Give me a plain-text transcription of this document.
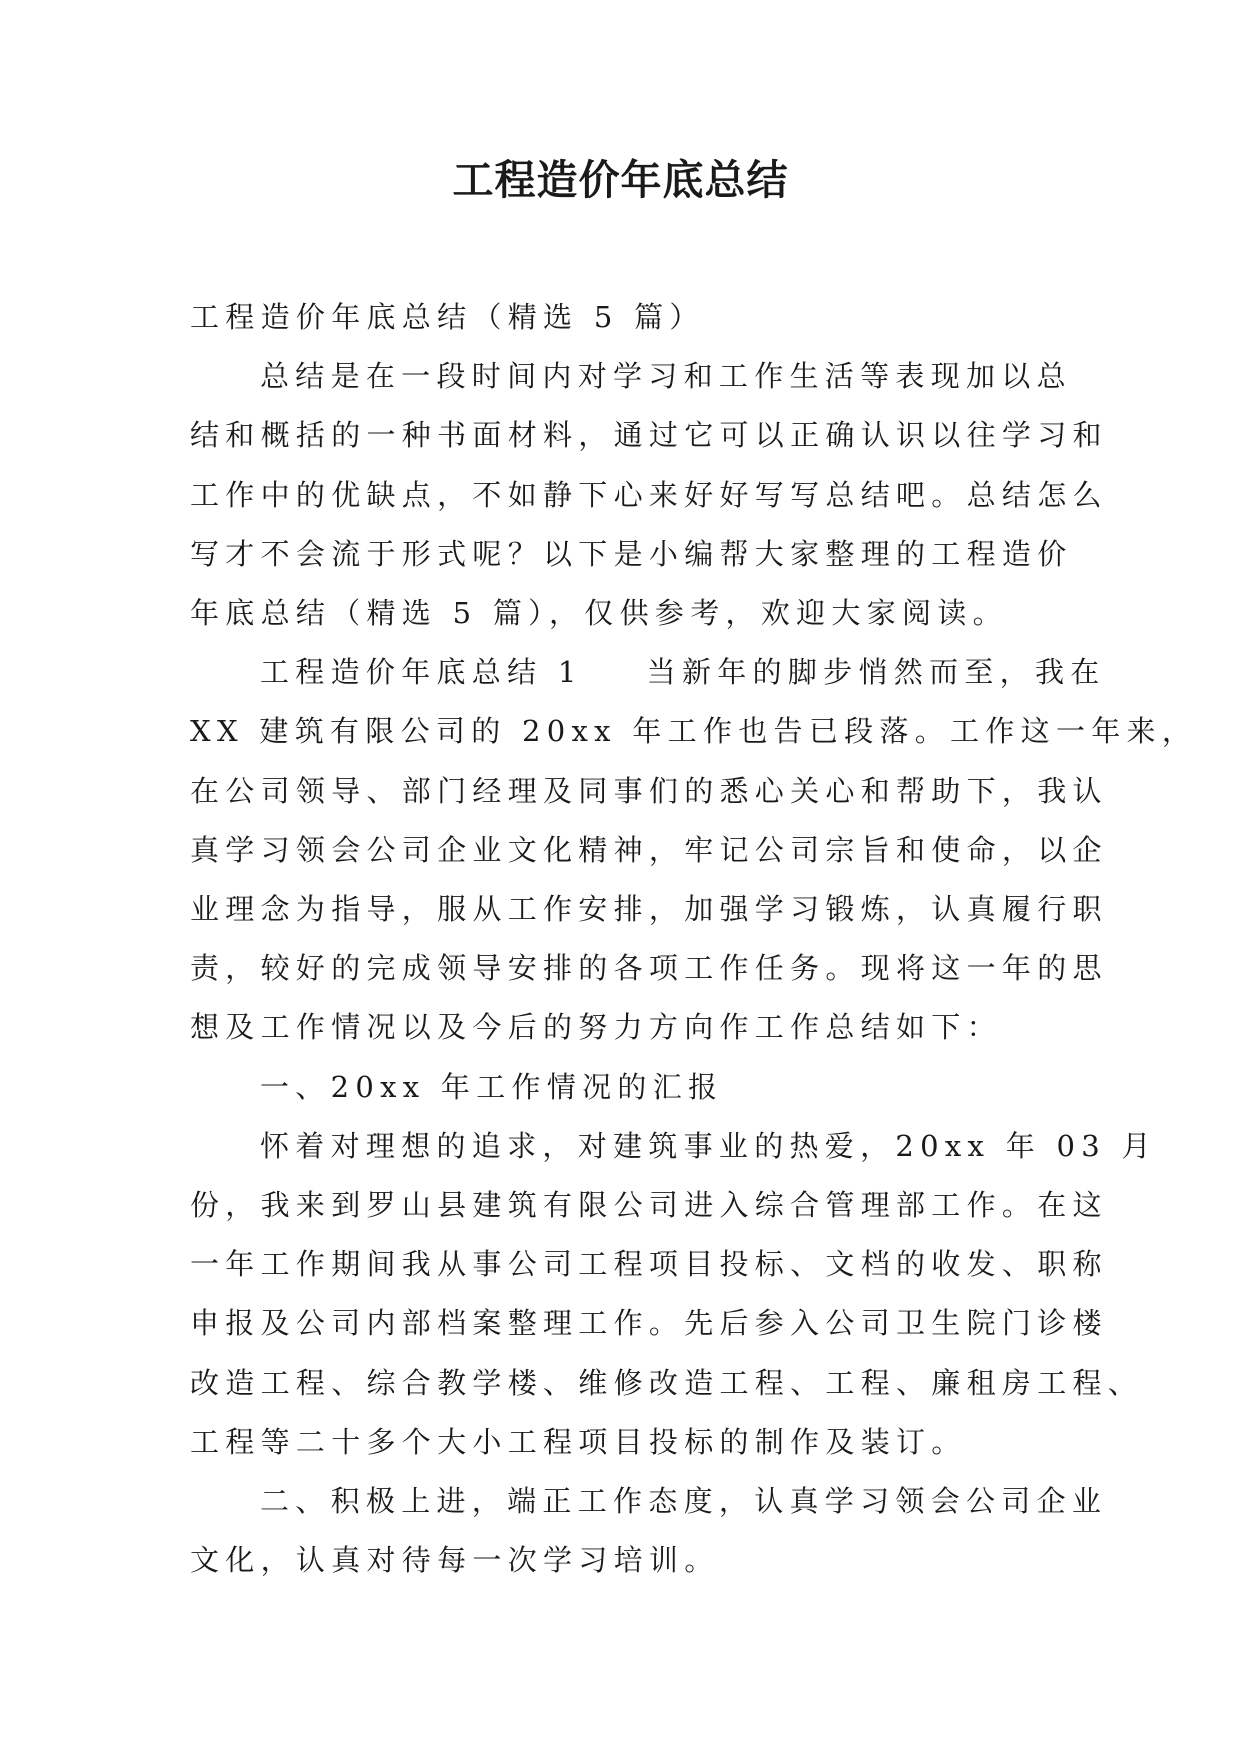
工程造价年底总结

工程造价年底总结（精选 5 篇）

总结是在一段时间内对学习和工作生活等表现加以总
结和概括的一种书面材料，通过它可以正确认识以往学习和
工作中的优缺点，不如静下心来好好写写总结吧。总结怎么
写才不会流于形式呢？以下是小编帮大家整理的工程造价
年底总结（精选 5 篇），仅供参考，欢迎大家阅读。

工程造价年底总结 1 当新年的脚步悄然而至，我在
XX 建筑有限公司的 20xx 年工作也告已段落。工作这一年来，
在公司领导、部门经理及同事们的悉心关心和帮助下，我认
真学习领会公司企业文化精神，牢记公司宗旨和使命，以企
业理念为指导，服从工作安排，加强学习锻炼，认真履行职
责，较好的完成领导安排的各项工作任务。现将这一年的思
想及工作情况以及今后的努力方向作工作总结如下：

一、20xx 年工作情况的汇报

怀着对理想的追求，对建筑事业的热爱，20xx 年 03 月
份，我来到罗山县建筑有限公司进入综合管理部工作。在这
一年工作期间我从事公司工程项目投标、文档的收发、职称
申报及公司内部档案整理工作。先后参入公司卫生院门诊楼
改造工程、综合教学楼、维修改造工程、工程、廉租房工程、
工程等二十多个大小工程项目投标的制作及装订。

二、积极上进，端正工作态度，认真学习领会公司企业
文化，认真对待每一次学习培训。
